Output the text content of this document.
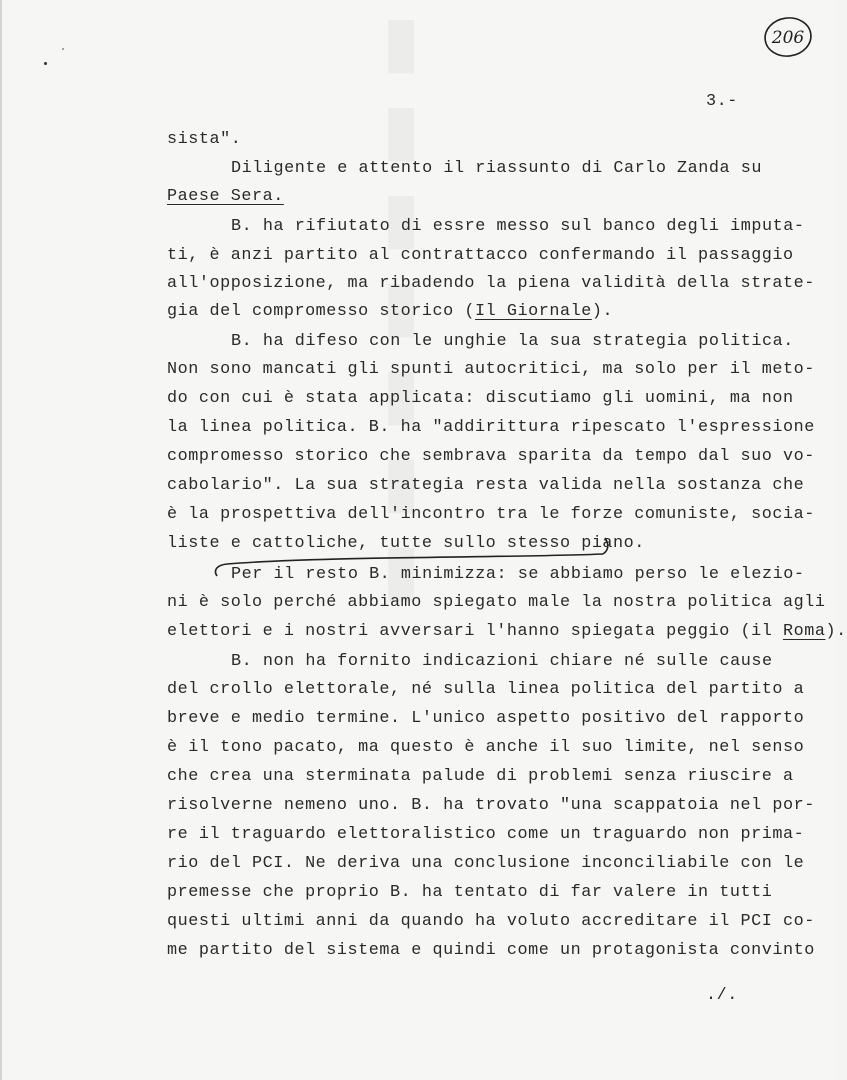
▮▮▮▮▮▮▮	206
3.-
sista".
Diligente e attento il riassunto di Carlo Zanda su
Paese Sera.
B. ha rifiutato di essre messo sul banco degli imputa-
ti, è anzi partito al contrattacco confermando il passaggio
all'opposizione, ma ribadendo la piena validità della strate-
gia del compromesso storico (Il Giornale).
B. ha difeso con le unghie la sua strategia politica.
Non sono mancati gli spunti autocritici, ma solo per il meto-
do con cui è stata applicata: discutiamo gli uomini, ma non
la linea politica. B. ha "addirittura ripescato l'espressione
compromesso storico che sembrava sparita da tempo dal suo vo-
cabolario". La sua strategia resta valida nella sostanza che
è la prospettiva dell'incontro tra le forze comuniste, socia-
liste e cattoliche, tutte sullo stesso piano.
Per il resto B. minimizza: se abbiamo perso le elezio-
ni è solo perché abbiamo spiegato male la nostra politica agli
elettori e i nostri avversari l'hanno spiegata peggio (il Roma).
B. non ha fornito indicazioni chiare né sulle cause
del crollo elettorale, né sulla linea politica del partito a
breve e medio termine. L'unico aspetto positivo del rapporto
è il tono pacato, ma questo è anche il suo limite, nel senso
che crea una sterminata palude di problemi senza riuscire a
risolverne nemeno uno. B. ha trovato "una scappatoia nel por-
re il traguardo elettoralistico come un traguardo non prima-
rio del PCI. Ne deriva una conclusione inconciliabile con le
premesse che proprio B. ha tentato di far valere in tutti
questi ultimi anni da quando ha voluto accreditare il PCI co-
me partito del sistema e quindi come un protagonista convinto
./.
